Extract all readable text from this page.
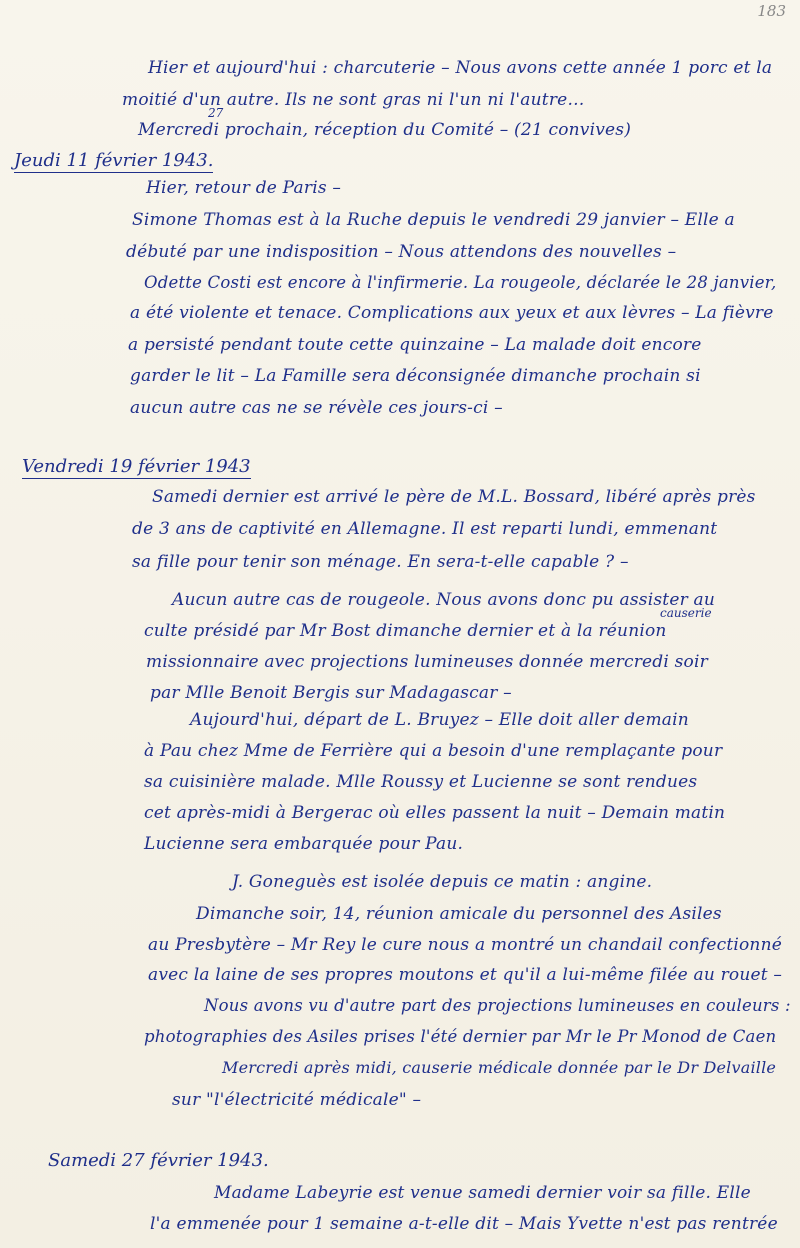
183
Hier et aujourd'hui : charcuterie – Nous avons cette année 1 porc et la
moitié d'un autre. Ils ne sont gras ni l'un ni l'autre…
27
Mercredi prochain, réception du Comité – (21 convives)
Jeudi 11 février 1943.
Hier, retour de Paris –
Simone Thomas est à la Ruche depuis le vendredi 29 janvier – Elle a
débuté par une indisposition – Nous attendons des nouvelles –
Odette Costi est encore à l'infirmerie. La rougeole, déclarée le 28 janvier,
a été violente et tenace. Complications aux yeux et aux lèvres – La fièvre
a persisté pendant toute cette quinzaine – La malade doit encore
garder le lit – La Famille sera déconsignée dimanche prochain si
aucun autre cas ne se révèle ces jours-ci –
Vendredi 19 février 1943
Samedi dernier est arrivé le père de M.L. Bossard, libéré après près
de 3 ans de captivité en Allemagne. Il est reparti lundi, emmenant
sa fille pour tenir son ménage. En sera-t-elle capable ? –
Aucun autre cas de rougeole. Nous avons donc pu assister au
causerie
culte présidé par Mr Bost dimanche dernier et à la réunion
missionnaire avec projections lumineuses donnée mercredi soir
par Mlle Benoit Bergis sur Madagascar –
Aujourd'hui, départ de L. Bruyez – Elle doit aller demain
à Pau chez Mme de Ferrière qui a besoin d'une remplaçante pour
sa cuisinière malade. Mlle Roussy et Lucienne se sont rendues
cet après-midi à Bergerac où elles passent la nuit – Demain matin
Lucienne sera embarquée pour Pau.
J. Goneguès est isolée depuis ce matin : angine.
Dimanche soir, 14, réunion amicale du personnel des Asiles
au Presbytère – Mr Rey le cure nous a montré un chandail confectionné
avec la laine de ses propres moutons et qu'il a lui-même filée au rouet –
Nous avons vu d'autre part des projections lumineuses en couleurs :
photographies des Asiles prises l'été dernier par Mr le Pr Monod de Caen
Mercredi après midi, causerie médicale donnée par le Dr Delvaille
sur "l'électricité médicale" –
Samedi 27 février 1943.
Madame Labeyrie est venue samedi dernier voir sa fille. Elle
l'a emmenée pour 1 semaine a-t-elle dit – Mais Yvette n'est pas rentrée
